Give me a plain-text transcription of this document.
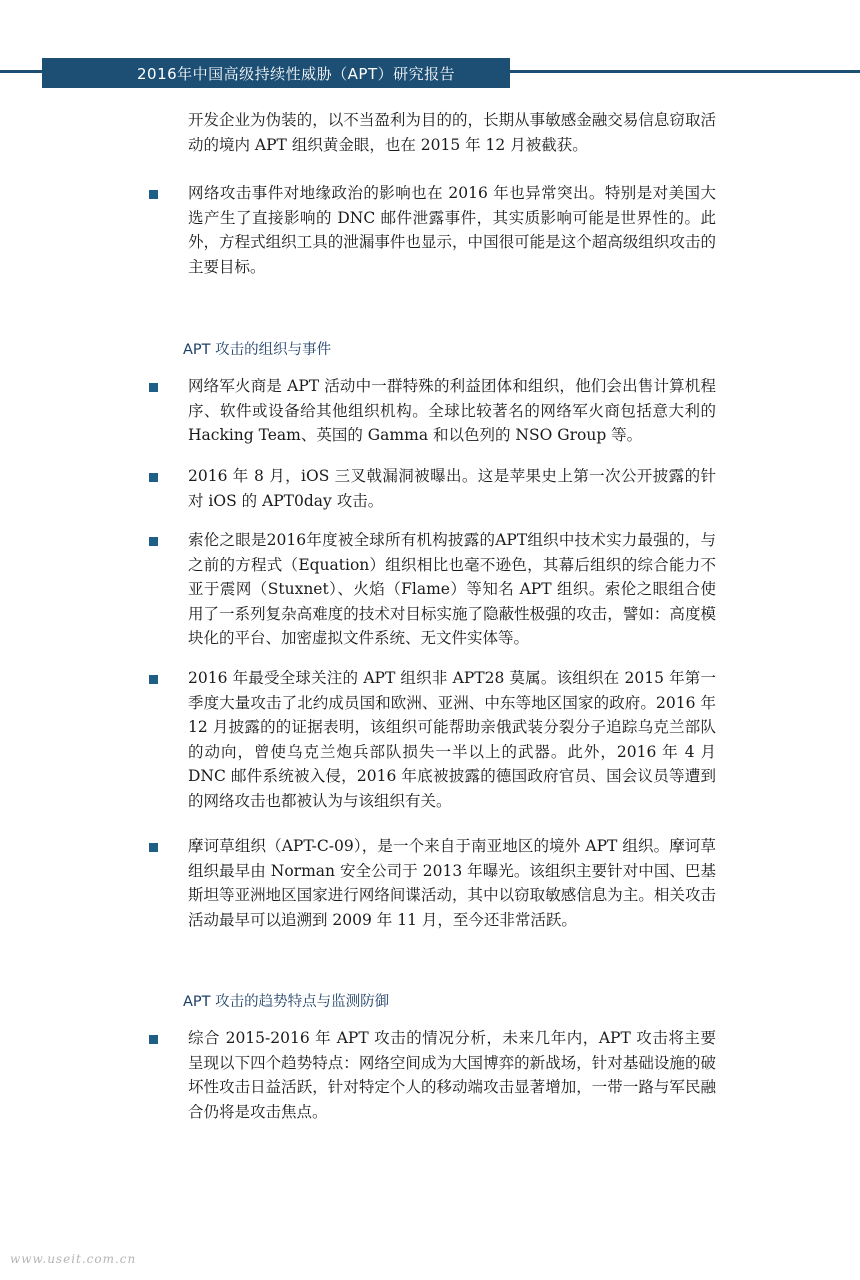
2016年中国高级持续性威胁（APT）研究报告

开发企业为伪装的，以不当盈利为目的的，长期从事敏感金融交易信息窃取活动的境内 APT 组织黄金眼，也在 2015 年 12 月被截获。

网络攻击事件对地缘政治的影响也在 2016 年也异常突出。特别是对美国大选产生了直接影响的 DNC 邮件泄露事件，其实质影响可能是世界性的。此外，方程式组织工具的泄漏事件也显示，中国很可能是这个超高级组织攻击的主要目标。

APT 攻击的组织与事件

网络军火商是 APT 活动中一群特殊的利益团体和组织，他们会出售计算机程序、软件或设备给其他组织机构。全球比较著名的网络军火商包括意大利的 Hacking Team、英国的 Gamma 和以色列的 NSO Group 等。

2016 年 8 月，iOS 三叉戟漏洞被曝出。这是苹果史上第一次公开披露的针对 iOS 的 APT0day 攻击。

索伦之眼是2016年度被全球所有机构披露的APT组织中技术实力最强的，与之前的方程式（Equation）组织相比也毫不逊色，其幕后组织的综合能力不亚于震网（Stuxnet）、火焰（Flame）等知名 APT 组织。索伦之眼组合使用了一系列复杂高难度的技术对目标实施了隐蔽性极强的攻击，譬如：高度模块化的平台、加密虚拟文件系统、无文件实体等。

2016 年最受全球关注的 APT 组织非 APT28 莫属。该组织在 2015 年第一季度大量攻击了北约成员国和欧洲、亚洲、中东等地区国家的政府。2016 年 12 月披露的的证据表明，该组织可能帮助亲俄武装分裂分子追踪乌克兰部队的动向，曾使乌克兰炮兵部队损失一半以上的武器。此外，2016 年 4 月 DNC 邮件系统被入侵，2016 年底被披露的德国政府官员、国会议员等遭到的网络攻击也都被认为与该组织有关。

摩诃草组织（APT-C-09），是一个来自于南亚地区的境外 APT 组织。摩诃草组织最早由 Norman 安全公司于 2013 年曝光。该组织主要针对中国、巴基斯坦等亚洲地区国家进行网络间谍活动，其中以窃取敏感信息为主。相关攻击活动最早可以追溯到 2009 年 11 月，至今还非常活跃。

APT 攻击的趋势特点与监测防御

综合 2015-2016 年 APT 攻击的情况分析，未来几年内，APT 攻击将主要呈现以下四个趋势特点：网络空间成为大国博弈的新战场，针对基础设施的破坏性攻击日益活跃，针对特定个人的移动端攻击显著增加，一带一路与军民融合仍将是攻击焦点。

www.useit.com.cn
